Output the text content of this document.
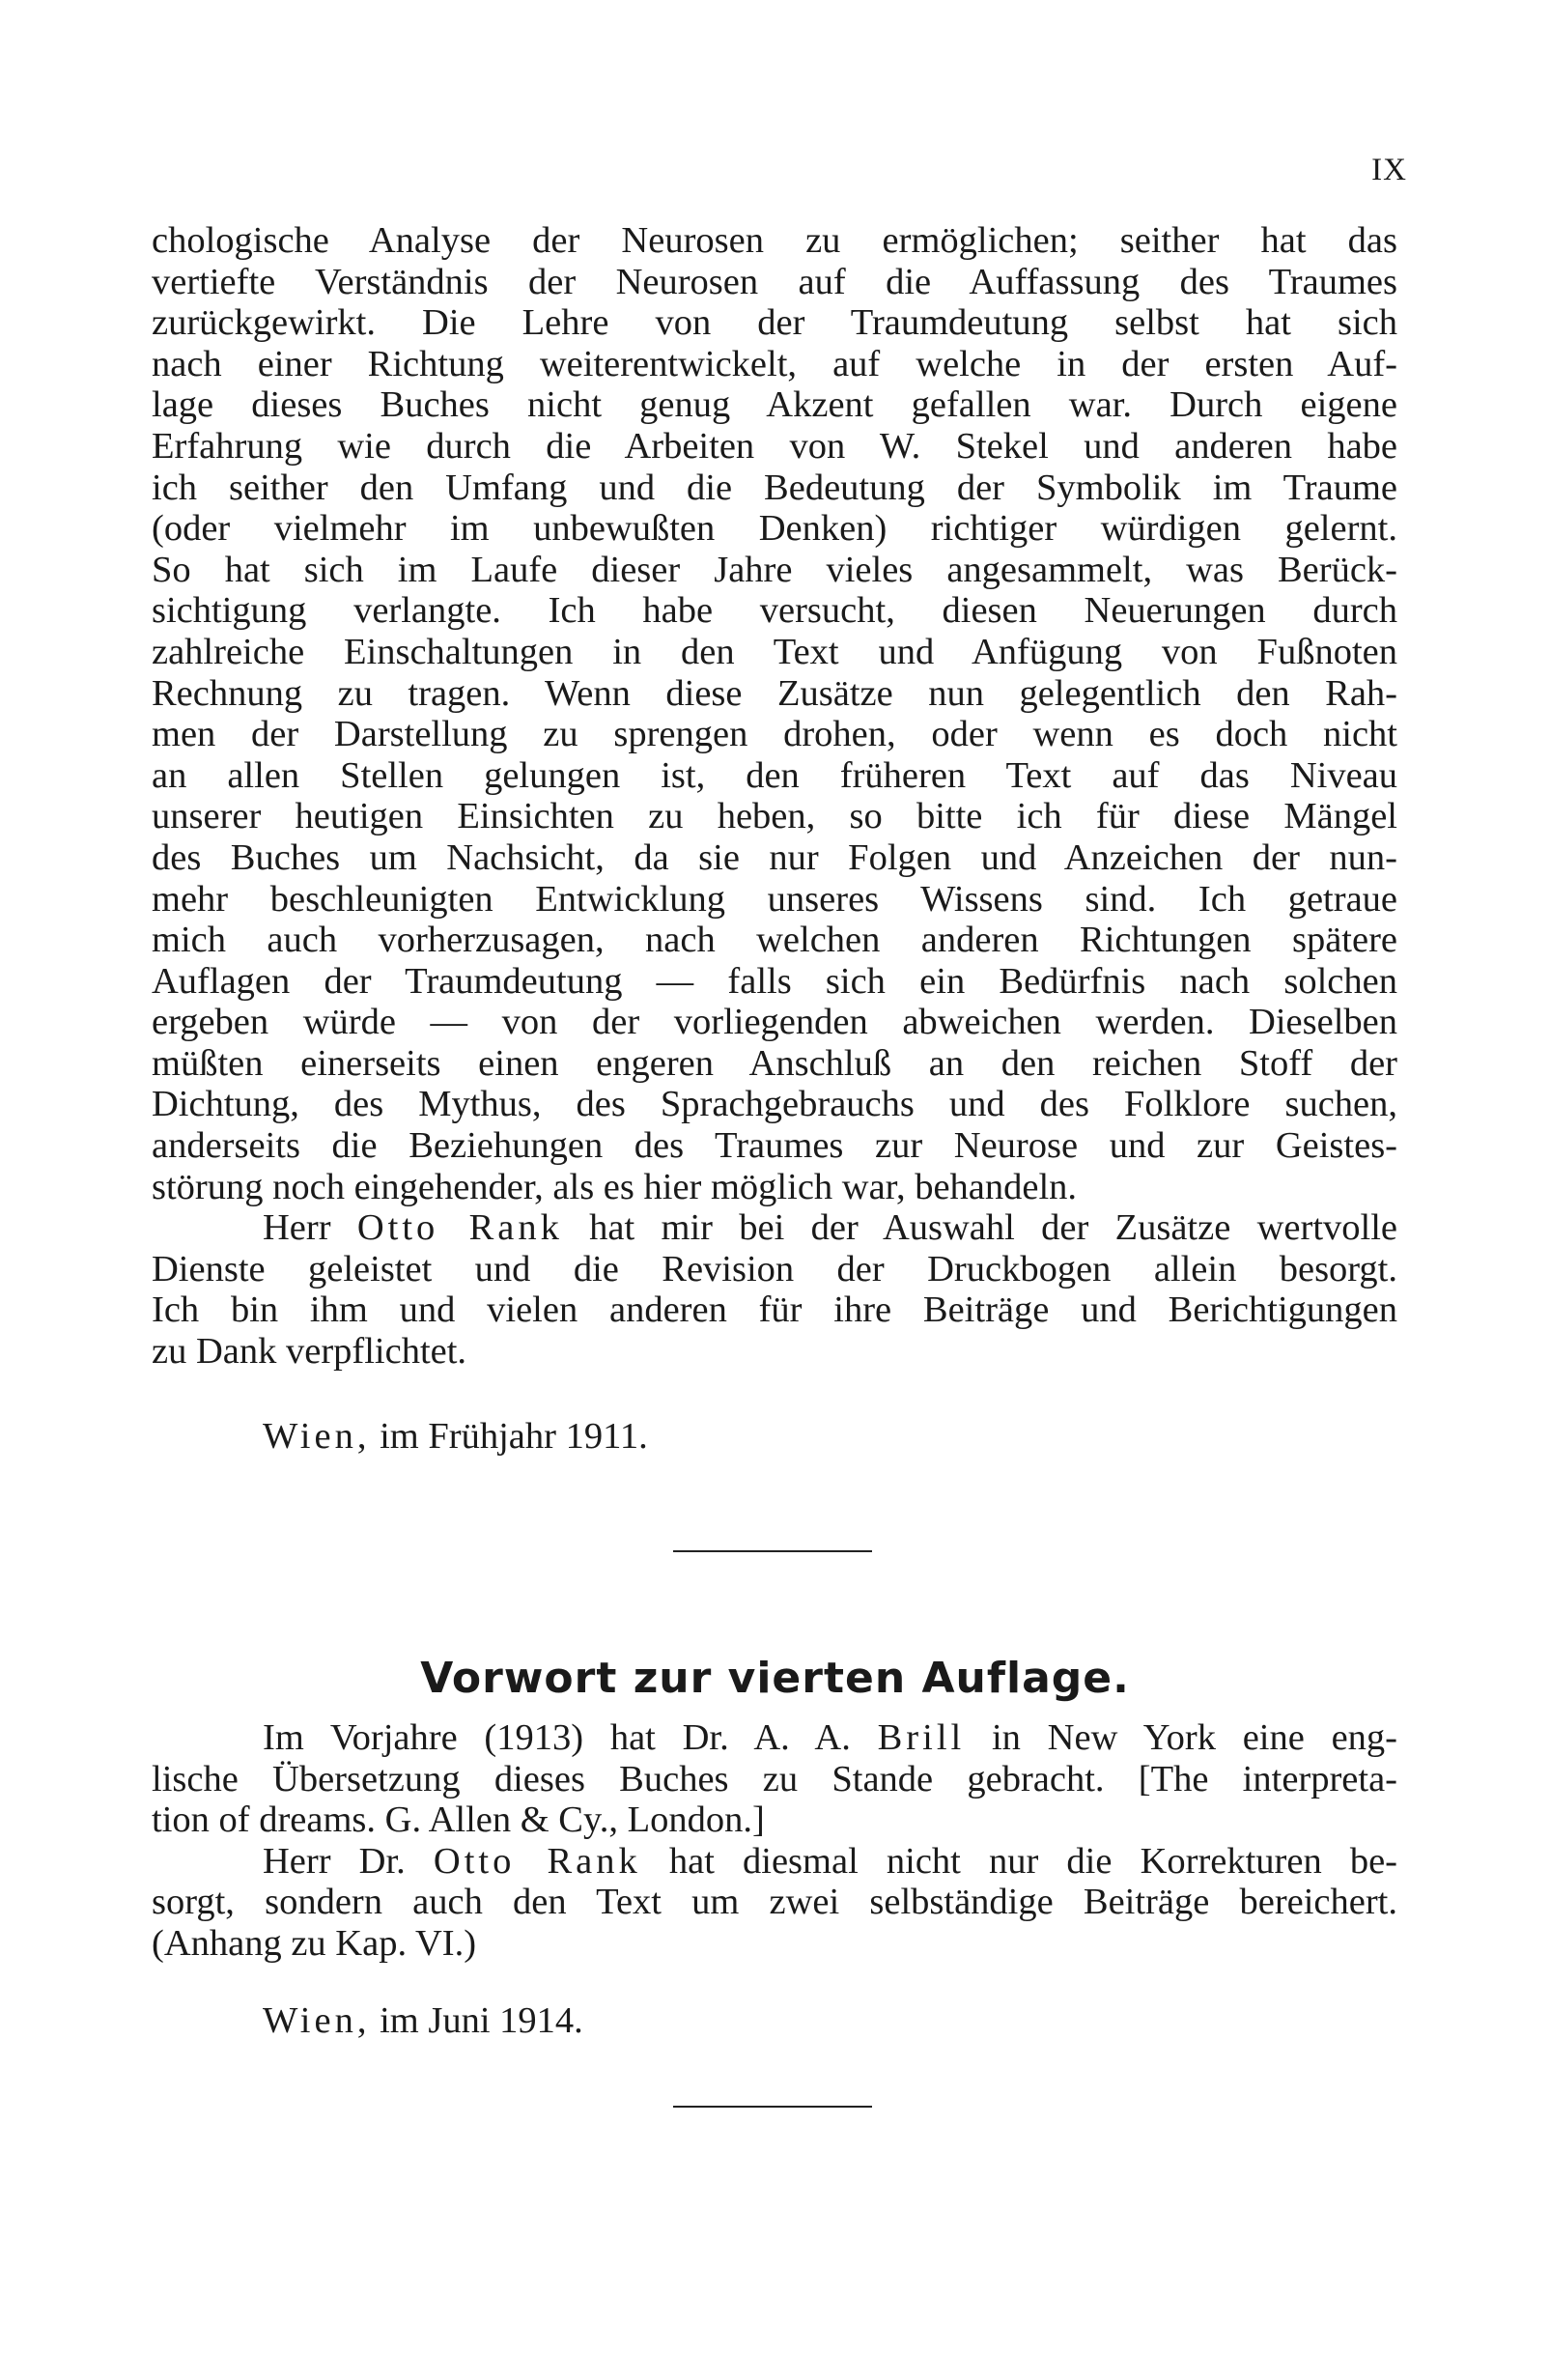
IX
chologische Analyse der Neurosen zu ermöglichen; seither hat das
vertiefte Verständnis der Neurosen auf die Auffassung des Traumes
zurückgewirkt. Die Lehre von der Traumdeutung selbst hat sich
nach einer Richtung weiterentwickelt, auf welche in der ersten Auf-
lage dieses Buches nicht genug Akzent gefallen war. Durch eigene
Erfahrung wie durch die Arbeiten von W. Stekel und anderen habe
ich seither den Umfang und die Bedeutung der Symbolik im Traume
(oder vielmehr im unbewußten Denken) richtiger würdigen gelernt.
So hat sich im Laufe dieser Jahre vieles angesammelt, was Berück-
sichtigung verlangte. Ich habe versucht, diesen Neuerungen durch
zahlreiche Einschaltungen in den Text und Anfügung von Fußnoten
Rechnung zu tragen. Wenn diese Zusätze nun gelegentlich den Rah-
men der Darstellung zu sprengen drohen, oder wenn es doch nicht
an allen Stellen gelungen ist, den früheren Text auf das Niveau
unserer heutigen Einsichten zu heben, so bitte ich für diese Mängel
des Buches um Nachsicht, da sie nur Folgen und Anzeichen der nun-
mehr beschleunigten Entwicklung unseres Wissens sind. Ich getraue
mich auch vorherzusagen, nach welchen anderen Richtungen spätere
Auflagen der Traumdeutung — falls sich ein Bedürfnis nach solchen
ergeben würde — von der vorliegenden abweichen werden. Dieselben
müßten einerseits einen engeren Anschluß an den reichen Stoff der
Dichtung, des Mythus, des Sprachgebrauchs und des Folklore suchen,
anderseits die Beziehungen des Traumes zur Neurose und zur Geistes-
störung noch eingehender, als es hier möglich war, behandeln.
Herr Otto Rank hat mir bei der Auswahl der Zusätze wertvolle
Dienste geleistet und die Revision der Druckbogen allein besorgt.
Ich bin ihm und vielen anderen für ihre Beiträge und Berichtigungen
zu Dank verpflichtet.
Wien, im Frühjahr 1911.
Vorwort zur vierten Auflage.
Im Vorjahre (1913) hat Dr. A. A. Brill in New York eine eng-
lische Übersetzung dieses Buches zu Stande gebracht. [The interpreta-
tion of dreams. G. Allen & Cy., London.]
Herr Dr. Otto Rank hat diesmal nicht nur die Korrekturen be-
sorgt, sondern auch den Text um zwei selbständige Beiträge bereichert.
(Anhang zu Kap. VI.)
Wien, im Juni 1914.
